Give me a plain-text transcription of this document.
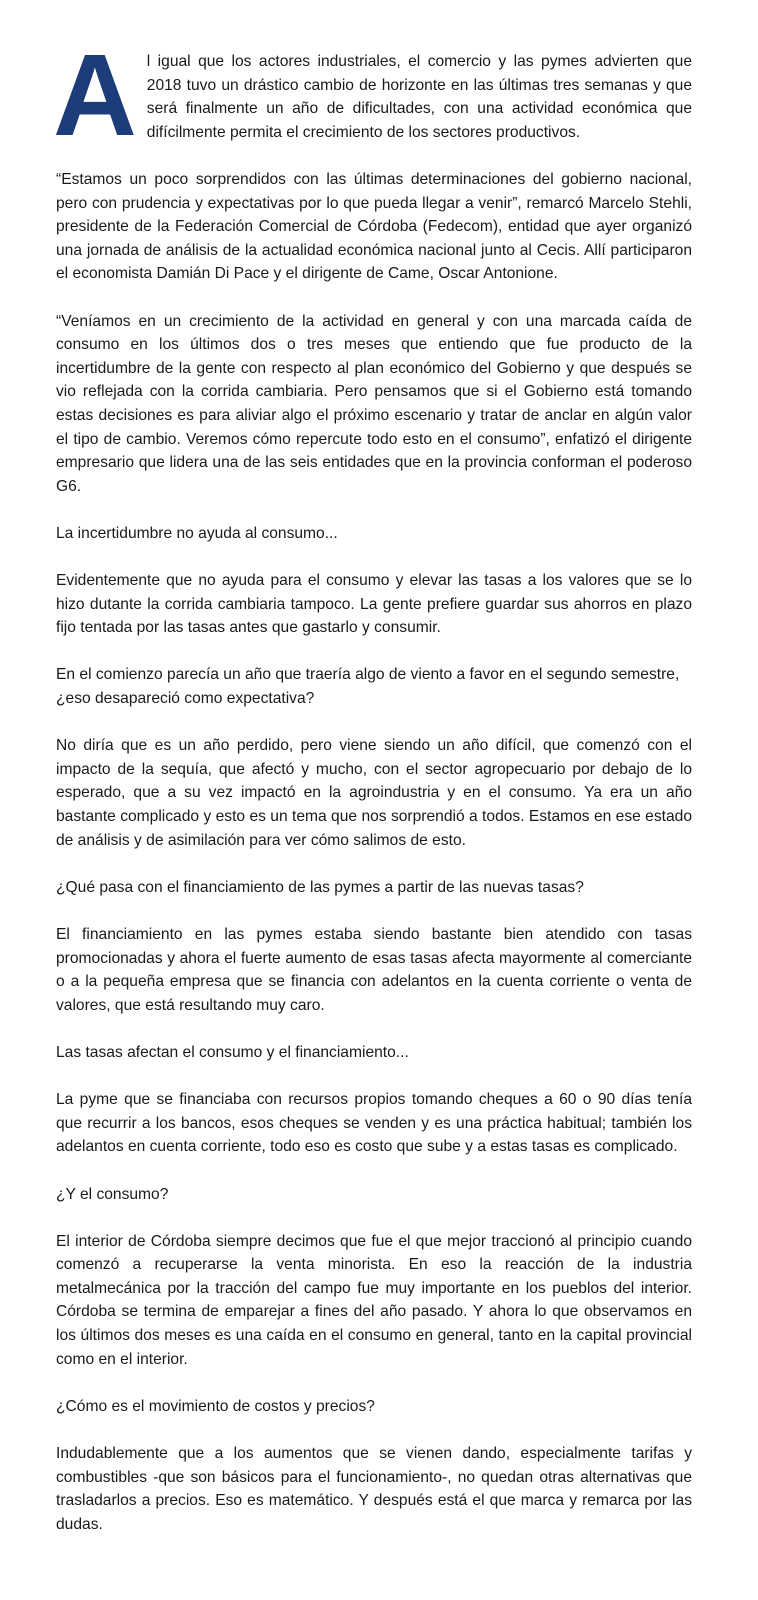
Al igual que los actores industriales, el comercio y las pymes advierten que 2018 tuvo un drástico cambio de horizonte en las últimas tres semanas y que será finalmente un año de dificultades, con una actividad económica que difícilmente permita el crecimiento de los sectores productivos.

“Estamos un poco sorprendidos con las últimas determinaciones del gobierno nacional, pero con prudencia y expectativas por lo que pueda llegar a venir”, remarcó Marcelo Stehli, presidente de la Federación Comercial de Córdoba (Fedecom), entidad que ayer organizó una jornada de análisis de la actualidad económica nacional junto al Cecis. Allí participaron el economista Damián Di Pace y el dirigente de Came, Oscar Antonione.

“Veníamos en un crecimiento de la actividad en general y con una marcada caída de consumo en los últimos dos o tres meses que entiendo que fue producto de la incertidumbre de la gente con respecto al plan económico del Gobierno y que después se vio reflejada con la corrida cambiaria. Pero pensamos que si el Gobierno está tomando estas decisiones es para aliviar algo el próximo escenario y tratar de anclar en algún valor el tipo de cambio. Veremos cómo repercute todo esto en el consumo”, enfatizó el dirigente empresario que lidera una de las seis entidades que en la provincia conforman el poderoso G6.

La incertidumbre no ayuda al consumo...

Evidentemente que no ayuda para el consumo y elevar las tasas a los valores que se lo hizo dutante la corrida cambiaria tampoco. La gente prefiere guardar sus ahorros en plazo fijo tentada por las tasas antes que gastarlo y consumir.

En el comienzo parecía un año que traería algo de viento a favor en el segundo semestre, ¿eso desapareció como expectativa?

No diría que es un año perdido, pero viene siendo un año difícil, que comenzó con el impacto de la sequía, que afectó y mucho, con el sector agropecuario por debajo de lo esperado, que a su vez impactó en la agroindustria y en el consumo. Ya era un año bastante complicado y esto es un tema que nos sorprendió a todos. Estamos en ese estado de análisis y de asimilación para ver cómo salimos de esto.

¿Qué pasa con el financiamiento de las pymes a partir de las nuevas tasas?

El financiamiento en las pymes estaba siendo bastante bien atendido con tasas promocionadas y ahora el fuerte aumento de esas tasas afecta mayormente al comerciante o a la pequeña empresa que se financia con adelantos en la cuenta corriente o venta de valores, que está resultando muy caro.

Las tasas afectan el consumo y el financiamiento...

La pyme que se financiaba con recursos propios tomando cheques a 60 o 90 días tenía que recurrir a los bancos, esos cheques se venden y es una práctica habitual; también los adelantos en cuenta corriente, todo eso es costo que sube y a estas tasas es complicado.

¿Y el consumo?

El interior de Córdoba siempre decimos que fue el que mejor traccionó al principio cuando comenzó a recuperarse la venta minorista. En eso la reacción de la industria metalmecánica por la tracción del campo fue muy importante en los pueblos del interior. Córdoba se termina de emparejar a fines del año pasado. Y ahora lo que observamos en los últimos dos meses es una caída en el consumo en general, tanto en la capital provincial como en el interior.

¿Cómo es el movimiento de costos y precios?

Indudablemente que a los aumentos que se vienen dando, especialmente tarifas y combustibles -que son básicos para el funcionamiento-, no quedan otras alternativas que trasladarlos a precios. Eso es matemático. Y después está el que marca y remarca por las dudas.
